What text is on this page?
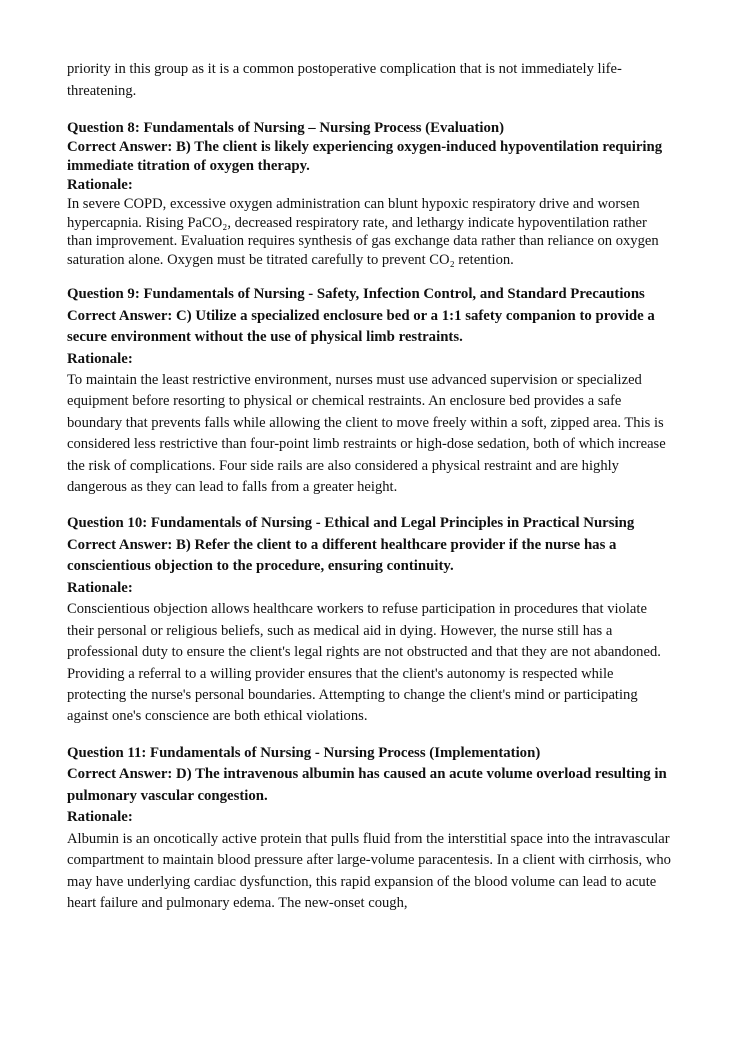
priority in this group as it is a common postoperative complication that is not immediately life-threatening.

Question 8: Fundamentals of Nursing – Nursing Process (Evaluation)

Correct Answer: B) The client is likely experiencing oxygen-induced hypoventilation requiring immediate titration of oxygen therapy.

Rationale:

In severe COPD, excessive oxygen administration can blunt hypoxic respiratory drive and worsen hypercapnia. Rising PaCO₂, decreased respiratory rate, and lethargy indicate hypoventilation rather than improvement. Evaluation requires synthesis of gas exchange data rather than reliance on oxygen saturation alone. Oxygen must be titrated carefully to prevent CO₂ retention.

Question 9: Fundamentals of Nursing - Safety, Infection Control, and Standard Precautions

Correct Answer: C) Utilize a specialized enclosure bed or a 1:1 safety companion to provide a secure environment without the use of physical limb restraints.

Rationale:

To maintain the least restrictive environment, nurses must use advanced supervision or specialized equipment before resorting to physical or chemical restraints. An enclosure bed provides a safe boundary that prevents falls while allowing the client to move freely within a soft, zipped area. This is considered less restrictive than four-point limb restraints or high-dose sedation, both of which increase the risk of complications. Four side rails are also considered a physical restraint and are highly dangerous as they can lead to falls from a greater height.

Question 10: Fundamentals of Nursing - Ethical and Legal Principles in Practical Nursing

Correct Answer: B) Refer the client to a different healthcare provider if the nurse has a conscientious objection to the procedure, ensuring continuity.

Rationale:

Conscientious objection allows healthcare workers to refuse participation in procedures that violate their personal or religious beliefs, such as medical aid in dying. However, the nurse still has a professional duty to ensure the client's legal rights are not obstructed and that they are not abandoned. Providing a referral to a willing provider ensures that the client's autonomy is respected while protecting the nurse's personal boundaries. Attempting to change the client's mind or participating against one's conscience are both ethical violations.

Question 11: Fundamentals of Nursing - Nursing Process (Implementation)

Correct Answer: D) The intravenous albumin has caused an acute volume overload resulting in pulmonary vascular congestion.

Rationale:

Albumin is an oncotically active protein that pulls fluid from the interstitial space into the intravascular compartment to maintain blood pressure after large-volume paracentesis. In a client with cirrhosis, who may have underlying cardiac dysfunction, this rapid expansion of the blood volume can lead to acute heart failure and pulmonary edema. The new-onset cough,
